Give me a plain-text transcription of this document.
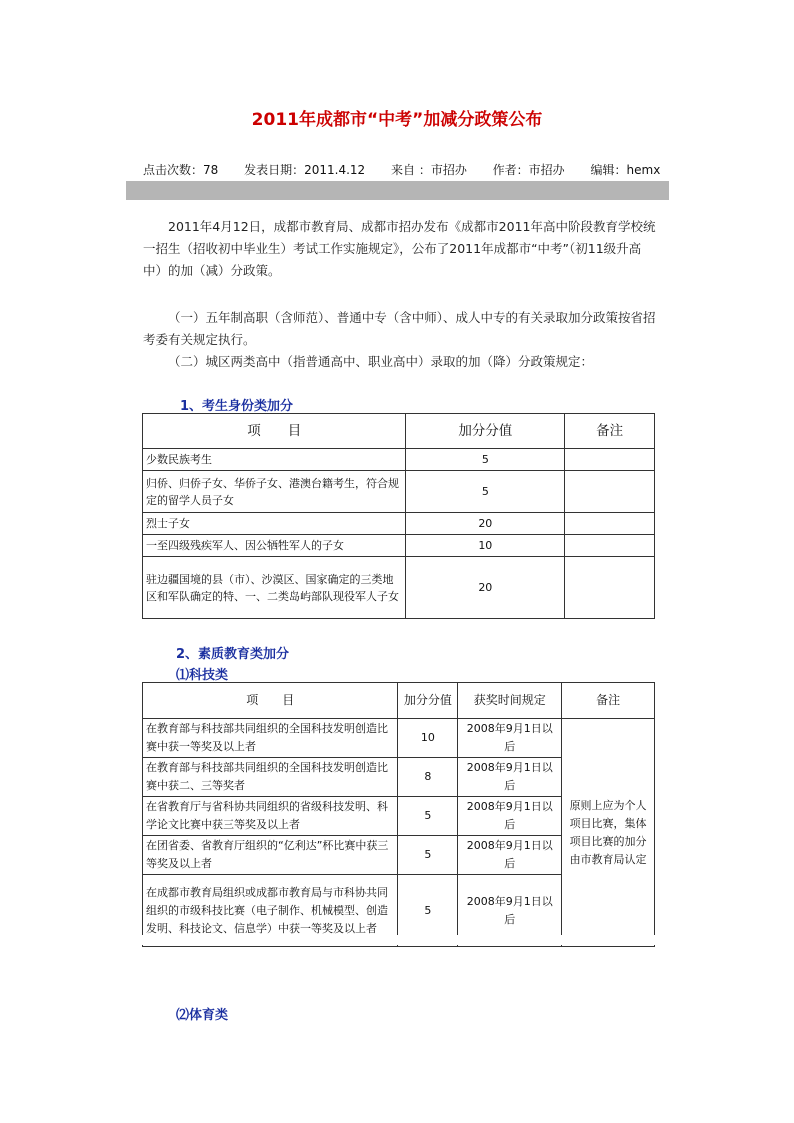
2011年成都市“中考”加减分政策公布
点击次数：78 发表日期：2011.4.12 来自 ：市招办 作者：市招办 编辑：hemx
2011年4月12日，成都市教育局、成都市招办发布《成都市2011年高中阶段教育学校统一招生（招收初中毕业生）考试工作实施规定》，公布了2011年成都市“中考”（初11级升高中）的加（减）分政策。
（一）五年制高职（含师范）、普通中专（含中师）、成人中专的有关录取加分政策按省招考委有关规定执行。
（二）城区两类高中（指普通高中、职业高中）录取的加（降）分政策规定：
1、考生身份类加分
项　　目	加分分值	备注
少数民族考生	5	
归侨、归侨子女、华侨子女、港澳台籍考生，符合规定的留学人员子女	5	
烈士子女	20	
一至四级残疾军人、因公牺牲军人的子女	10	
驻边疆国境的县（市）、沙漠区、国家确定的三类地区和军队确定的特、一、二类岛屿部队现役军人子女	20	
2、素质教育类加分
⑴科技类
项　　目	加分分值	获奖时间规定	备注
在教育部与科技部共同组织的全国科技发明创造比赛中获一等奖及以上者	10	2008年9月1日以后	原则上应为个人项目比赛，集体项目比赛的加分由市教育局认定
在教育部与科技部共同组织的全国科技发明创造比赛中获二、三等奖者	8	2008年9月1日以后	
在省教育厅与省科协共同组织的省级科技发明、科学论文比赛中获三等奖及以上者	5	2008年9月1日以后	
在团省委、省教育厅组织的“亿利达”杯比赛中获三等奖及以上者	5	2008年9月1日以后	
在成都市教育局组织或成都市教育局与市科协共同组织的市级科技比赛（电子制作、机械模型、创造发明、科技论文、信息学）中获一等奖及以上者	5	2008年9月1日以后	
⑵体育类
